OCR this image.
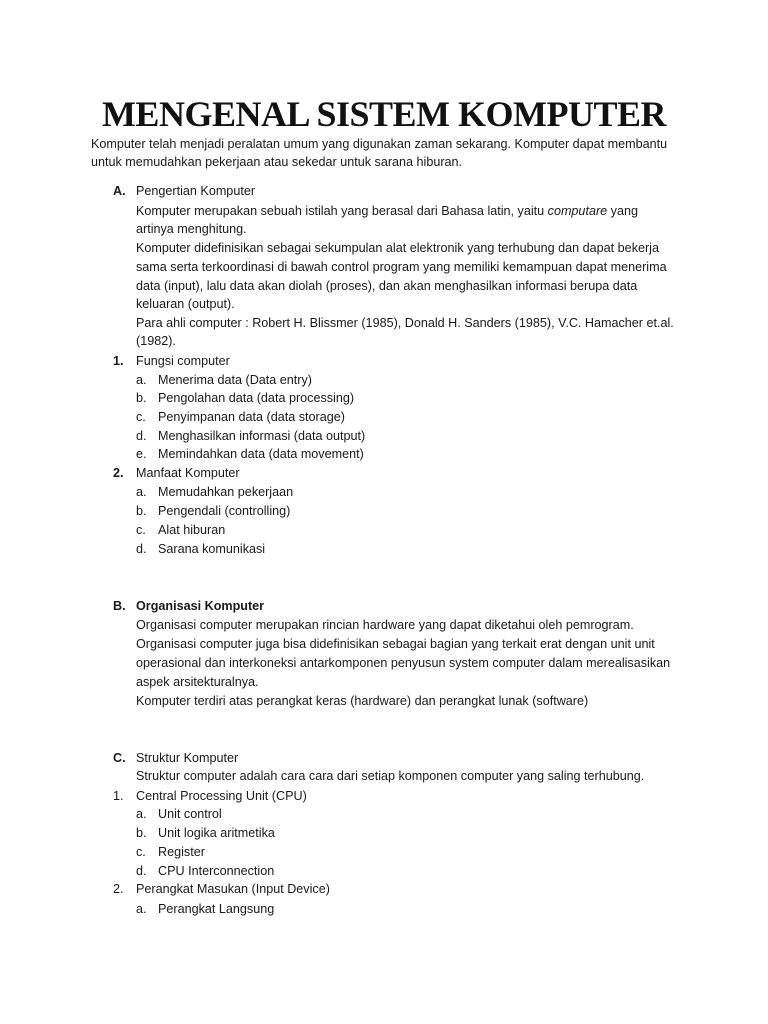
MENGENAL SISTEM KOMPUTER
Komputer telah menjadi peralatan umum yang digunakan zaman sekarang. Komputer dapat membantu
untuk memudahkan pekerjaan atau sekedar untuk sarana hiburan.
A. Pengertian Komputer
Komputer merupakan sebuah istilah yang berasal dari Bahasa latin, yaitu computare yang
artinya menghitung.
Komputer didefinisikan sebagai sekumpulan alat elektronik yang terhubung dan dapat bekerja
sama serta terkoordinasi di bawah control program yang memiliki kemampuan dapat menerima
data (input), lalu data akan diolah (proses), dan akan menghasilkan informasi berupa data
keluaran (output).
Para ahli computer : Robert H. Blissmer (1985), Donald H. Sanders (1985), V.C. Hamacher et.al.
(1982).
1. Fungsi computer
a. Menerima data (Data entry)
b. Pengolahan data (data processing)
c. Penyimpanan data (data storage)
d. Menghasilkan informasi (data output)
e. Memindahkan data (data movement)
2. Manfaat Komputer
a. Memudahkan pekerjaan
b. Pengendali (controlling)
c. Alat hiburan
d. Sarana komunikasi
B. Organisasi Komputer
Organisasi computer merupakan rincian hardware yang dapat diketahui oleh pemrogram.
Organisasi computer juga bisa didefinisikan sebagai bagian yang terkait erat dengan unit unit
operasional dan interkoneksi antarkomponen penyusun system computer dalam merealisasikan
aspek arsitekturalnya.
Komputer terdiri atas perangkat keras (hardware) dan perangkat lunak (software)
C. Struktur Komputer
Struktur computer adalah cara cara dari setiap komponen computer yang saling terhubung.
1. Central Processing Unit (CPU)
a. Unit control
b. Unit logika aritmetika
c. Register
d. CPU Interconnection
2. Perangkat Masukan (Input Device)
a. Perangkat Langsung
